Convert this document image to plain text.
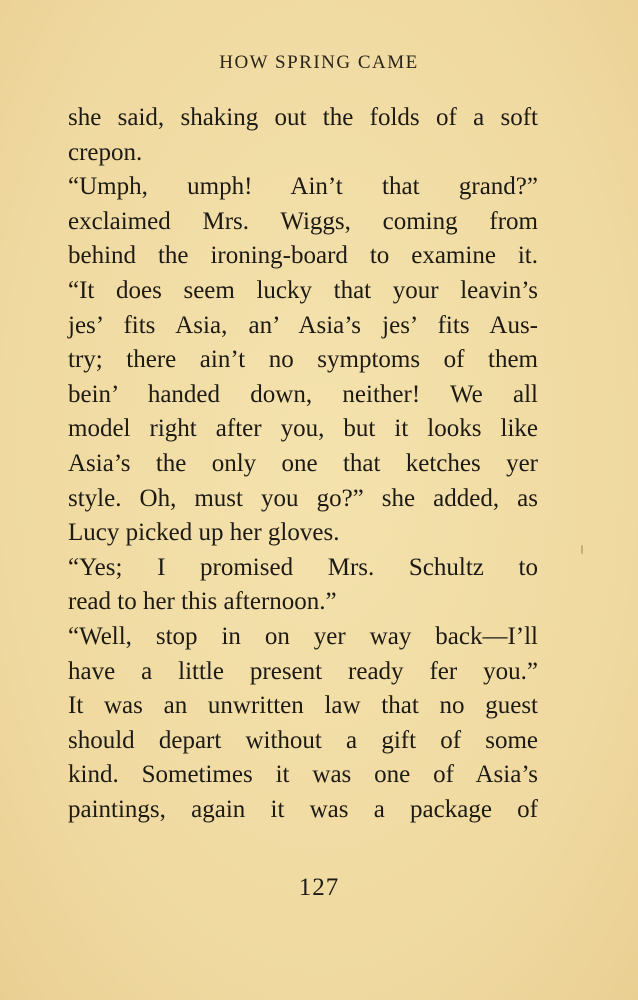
HOW SPRING CAME
she said, shaking out the folds of a soft
crepon.
“Umph, umph! Ain’t that grand?”
exclaimed Mrs. Wiggs, coming from
behind the ironing-board to examine it.
“It does seem lucky that your leavin’s
jes’ fits Asia, an’ Asia’s jes’ fits Aus-
try; there ain’t no symptoms of them
bein’ handed down, neither! We all
model right after you, but it looks like
Asia’s the only one that ketches yer
style. Oh, must you go?” she added, as
Lucy picked up her gloves.
“Yes; I promised Mrs. Schultz to
read to her this afternoon.”
“Well, stop in on yer way back—I’ll
have a little present ready fer you.”
It was an unwritten law that no guest
should depart without a gift of some
kind. Sometimes it was one of Asia’s
paintings, again it was a package of
127
